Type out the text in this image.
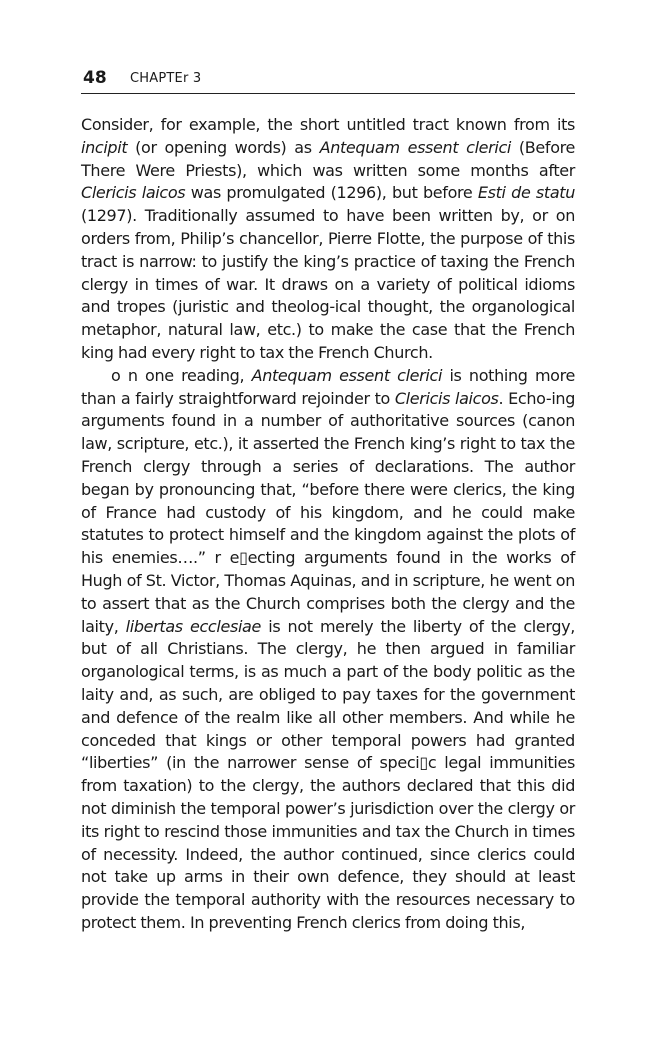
48 CHAPTEr 3

Consider, for example, the short untitled tract known from its incipit (or opening words) as Antequam essent clerici (Before There Were Priests), which was written some months after Clericis laicos was promulgated (1296), but before Esti de statu (1297). Traditionally assumed to have been written by, or on orders from, Philip’s chancellor, Pierre Flotte, the purpose of this tract is narrow: to justify the king’s practice of taxing the French clergy in times of war. It draws on a variety of political idioms and tropes (juristic and theolog-ical thought, the organological metaphor, natural law, etc.) to make the case that the French king had every right to tax the French Church.

o n one reading, Antequam essent clerici is nothing more than a fairly straightforward rejoinder to Clericis laicos. Echo-ing arguments found in a number of authoritative sources (canon law, scripture, etc.), it asserted the French king’s right to tax the French clergy through a series of declarations. The author began by pronouncing that, “before there were clerics, the king of France had custody of his kingdom, and he could make statutes to protect himself and the kingdom against the plots of his enemies….” r e▯ecting arguments found in the works of Hugh of St. Victor, Thomas Aquinas, and in scripture, he went on to assert that as the Church comprises both the clergy and the laity, libertas ecclesiae is not merely the liberty of the clergy, but of all Christians. The clergy, he then argued in familiar organological terms, is as much a part of the body politic as the laity and, as such, are obliged to pay taxes for the government and defence of the realm like all other members. And while he conceded that kings or other temporal powers had granted “liberties” (in the narrower sense of speci▯c legal immunities from taxation) to the clergy, the authors declared that this did not diminish the temporal power’s jurisdiction over the clergy or its right to rescind those immunities and tax the Church in times of necessity. Indeed, the author continued, since clerics could not take up arms in their own defence, they should at least provide the temporal authority with the resources necessary to protect them. In preventing French clerics from doing this,
